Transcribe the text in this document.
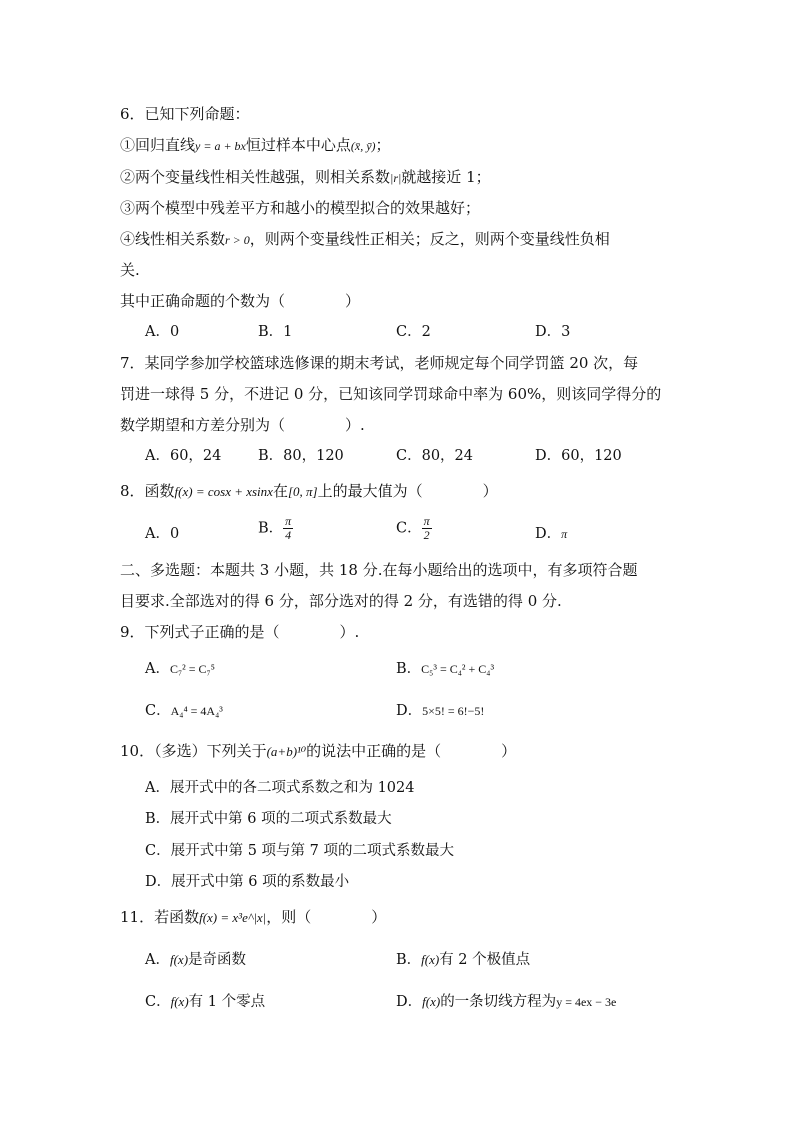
6．已知下列命题：
①回归直线y = a + bx恒过样本中心点(x̄, ȳ)；
②两个变量线性相关性越强，则相关系数|r|就越接近 1；
③两个模型中残差平方和越小的模型拟合的效果越好；
④线性相关系数r > 0，则两个变量线性正相关；反之，则两个变量线性负相
关.
其中正确命题的个数为（　　　　）
A．0	B．1	C．2	D．3
7．某同学参加学校篮球选修课的期末考试，老师规定每个同学罚篮 20 次，每
罚进一球得 5 分，不进记 0 分，已知该同学罚球命中率为 60%，则该同学得分的
数学期望和方差分别为（　　　　）.
A．60，24	B．80，120	C．80，24	D．60，120
8．函数f(x) = cosx + xsinx在[0, π]上的最大值为（　　　　）
A．0	B． $\frac{\pi}{4}$	C． $\frac{\pi}{2}$	D．π
二、多选题：本题共 3 小题，共 18 分.在每小题给出的选项中，有多项符合题
目要求.全部选对的得 6 分，部分选对的得 2 分，有选错的得 0 分.
9．下列式子正确的是（　　　　）.
A．C₇² = C₇⁵	B．C₅³ = C₄² + C₄³
C．A₄⁴ = 4A₄³	D．5×5! = 6!−5!
10．（多选）下列关于(a+b)¹⁰的说法中正确的是（　　　　）
A．展开式中的各二项式系数之和为 1024
B．展开式中第 6 项的二项式系数最大
C．展开式中第 5 项与第 7 项的二项式系数最大
D．展开式中第 6 项的系数最小
11．若函数f(x) = x³e^|x|，则（　　　　）
A．f(x)是奇函数	B．f(x)有 2 个极值点
C．f(x)有 1 个零点	D．f(x)的一条切线方程为y = 4ex − 3e
